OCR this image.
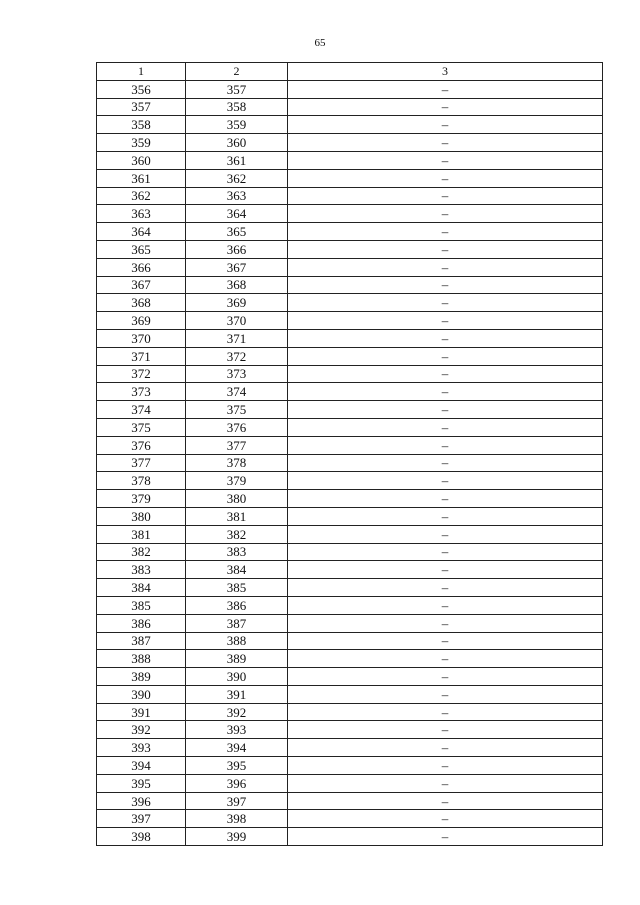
65
1	2	3
356	357	–
357	358	–
358	359	–
359	360	–
360	361	–
361	362	–
362	363	–
363	364	–
364	365	–
365	366	–
366	367	–
367	368	–
368	369	–
369	370	–
370	371	–
371	372	–
372	373	–
373	374	–
374	375	–
375	376	–
376	377	–
377	378	–
378	379	–
379	380	–
380	381	–
381	382	–
382	383	–
383	384	–
384	385	–
385	386	–
386	387	–
387	388	–
388	389	–
389	390	–
390	391	–
391	392	–
392	393	–
393	394	–
394	395	–
395	396	–
396	397	–
397	398	–
398	399	–
